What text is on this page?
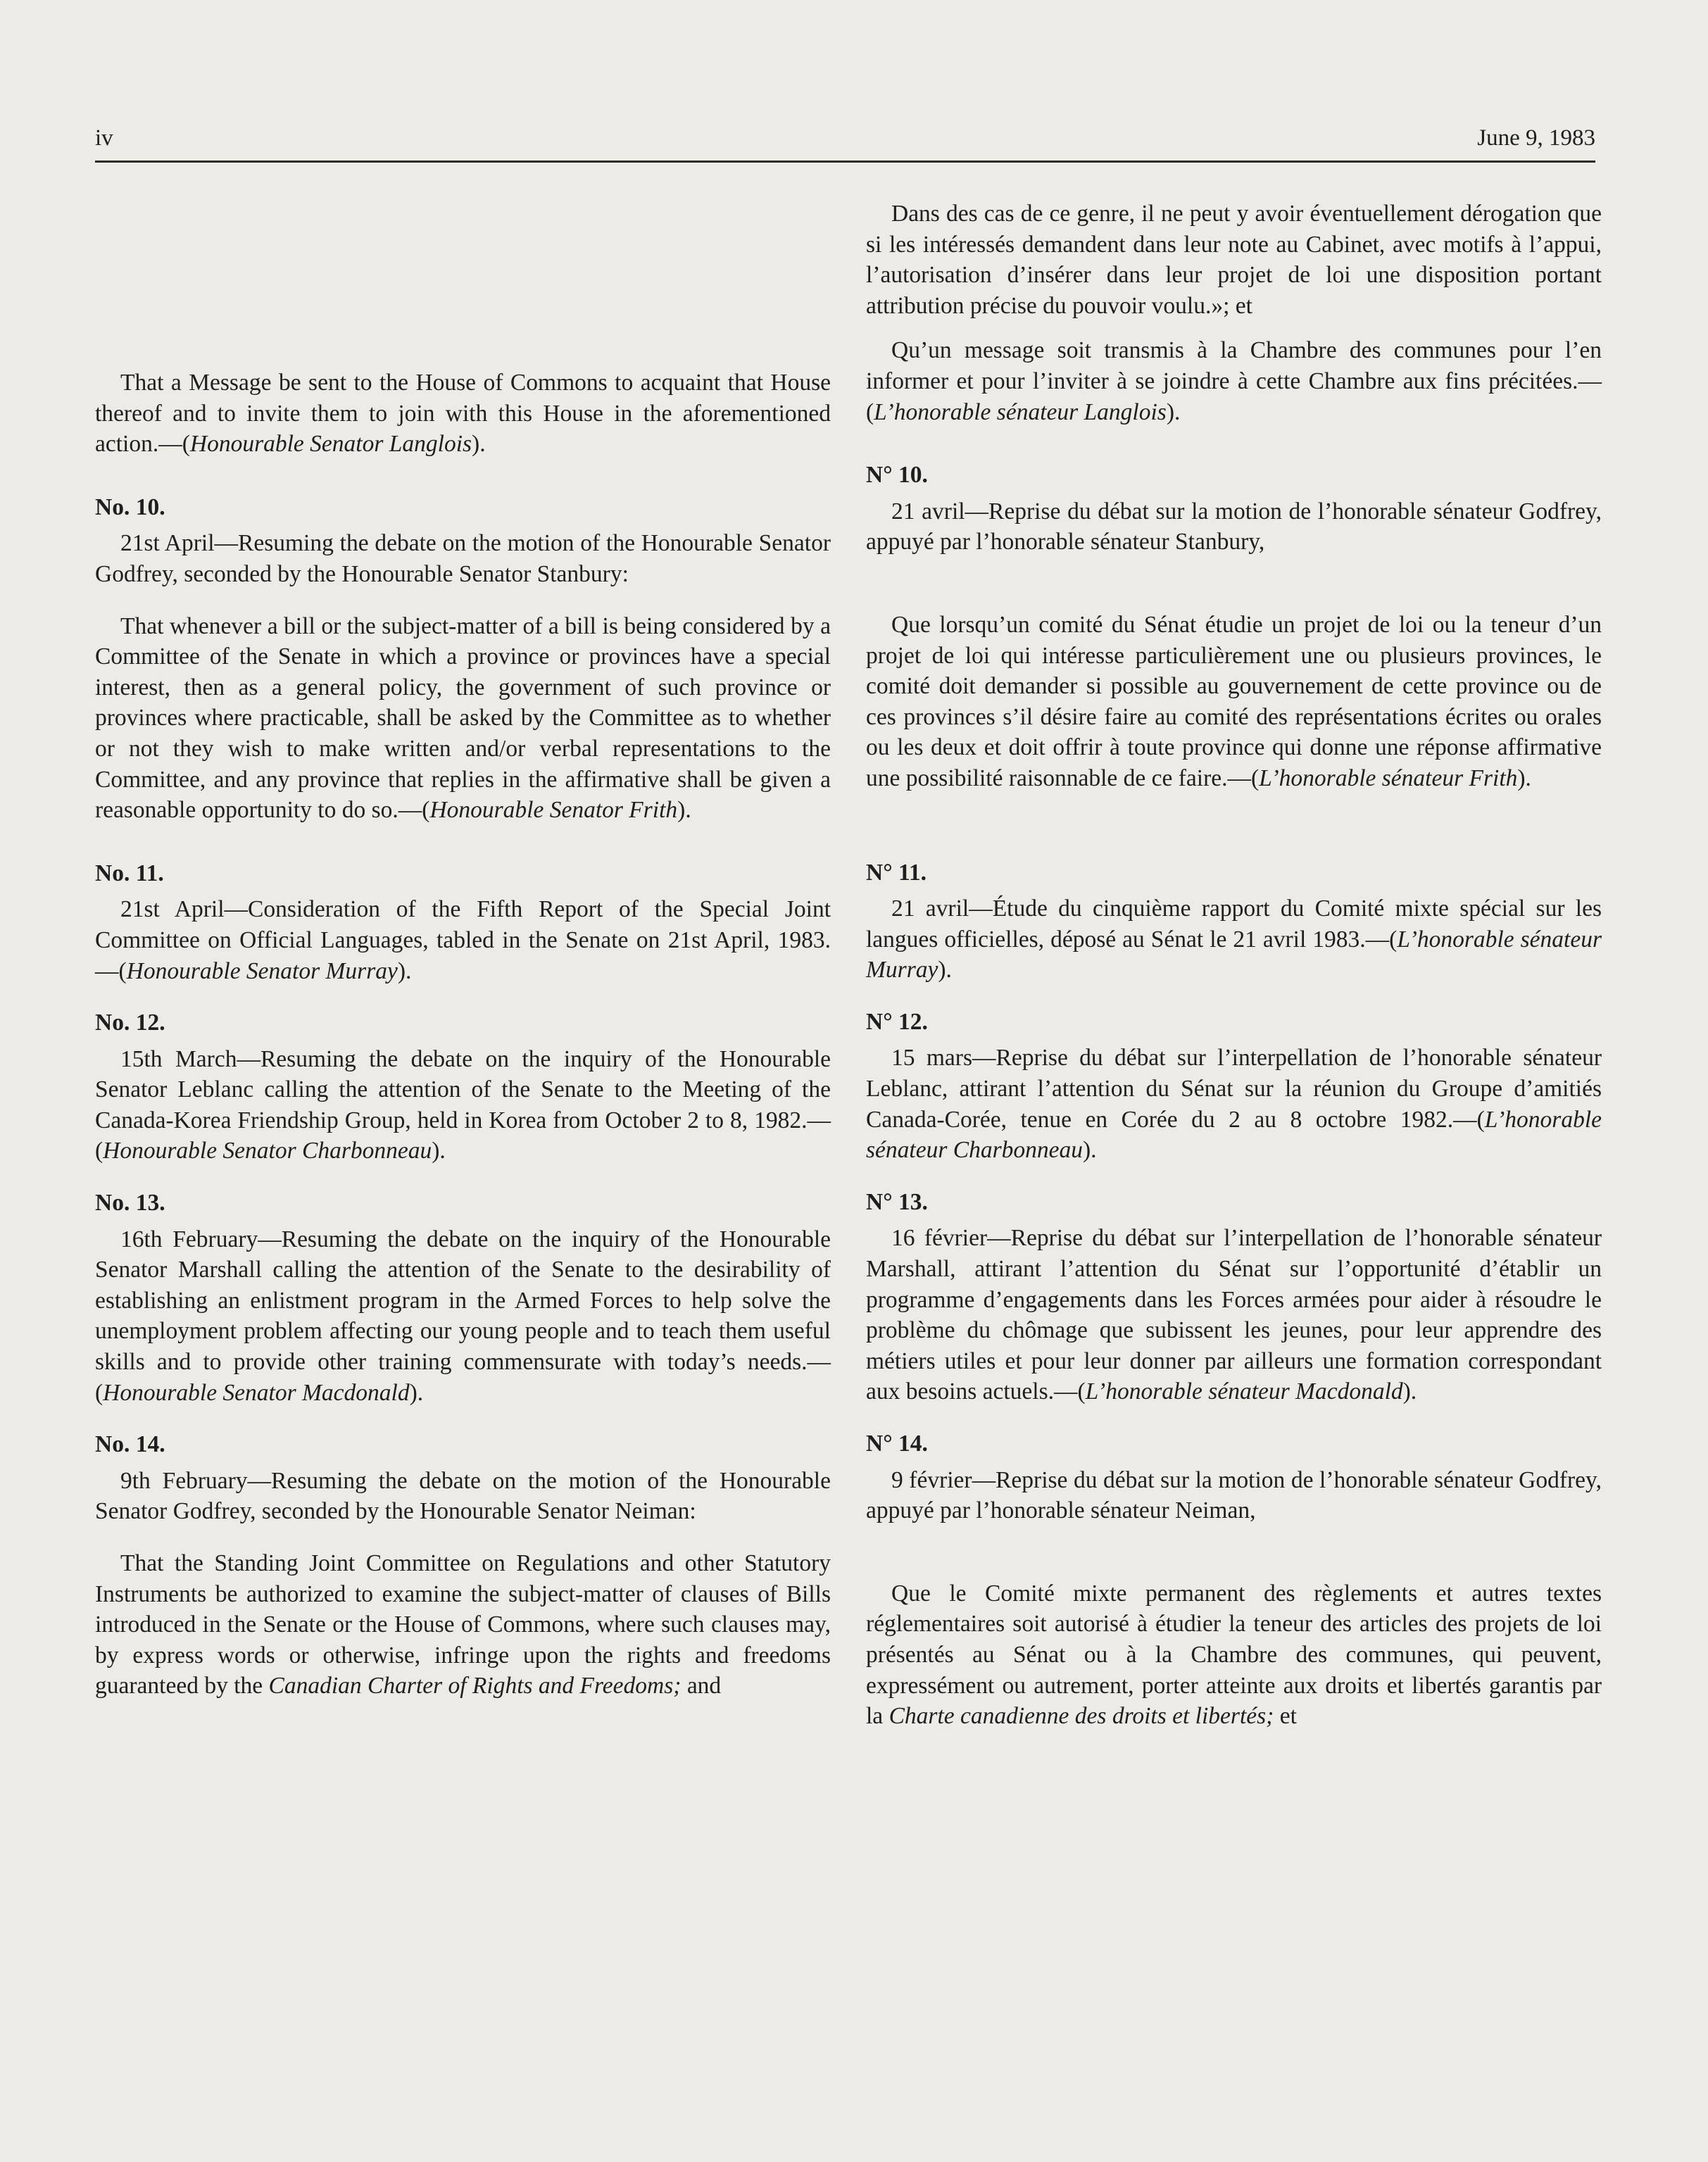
iv	June 9, 1983

That a Message be sent to the House of Commons to acquaint that House thereof and to invite them to join with this House in the aforementioned action.—(Honourable Senator Langlois).

No. 10.

21st April—Resuming the debate on the motion of the Honourable Senator Godfrey, seconded by the Honourable Senator Stanbury:

That whenever a bill or the subject-matter of a bill is being considered by a Committee of the Senate in which a province or provinces have a special interest, then as a general policy, the government of such province or provinces where practicable, shall be asked by the Committee as to whether or not they wish to make written and/or verbal representations to the Committee, and any province that replies in the affirmative shall be given a reasonable opportunity to do so.—(Honourable Senator Frith).

No. 11.

21st April—Consideration of the Fifth Report of the Special Joint Committee on Official Languages, tabled in the Senate on 21st April, 1983.—(Honourable Senator Murray).

No. 12.

15th March—Resuming the debate on the inquiry of the Honourable Senator Leblanc calling the attention of the Senate to the Meeting of the Canada-Korea Friendship Group, held in Korea from October 2 to 8, 1982.—(Honourable Senator Charbonneau).

No. 13.

16th February—Resuming the debate on the inquiry of the Honourable Senator Marshall calling the attention of the Senate to the desirability of establishing an enlistment program in the Armed Forces to help solve the unemployment problem affecting our young people and to teach them useful skills and to provide other training commensurate with today’s needs.—(Honourable Senator Macdonald).

No. 14.

9th February—Resuming the debate on the motion of the Honourable Senator Godfrey, seconded by the Honourable Senator Neiman:

That the Standing Joint Committee on Regulations and other Statutory Instruments be authorized to examine the subject-matter of clauses of Bills introduced in the Senate or the House of Commons, where such clauses may, by express words or otherwise, infringe upon the rights and freedoms guaranteed by the Canadian Charter of Rights and Freedoms; and

Dans des cas de ce genre, il ne peut y avoir éventuellement dérogation que si les intéressés demandent dans leur note au Cabinet, avec motifs à l’appui, l’autorisation d’insérer dans leur projet de loi une disposition portant attribution précise du pouvoir voulu.»; et

Qu’un message soit transmis à la Chambre des communes pour l’en informer et pour l’inviter à se joindre à cette Chambre aux fins précitées.—(L’honorable sénateur Langlois).

N° 10.

21 avril—Reprise du débat sur la motion de l’honorable sénateur Godfrey, appuyé par l’honorable sénateur Stanbury,

Que lorsqu’un comité du Sénat étudie un projet de loi ou la teneur d’un projet de loi qui intéresse particulièrement une ou plusieurs provinces, le comité doit demander si possible au gouvernement de cette province ou de ces provinces s’il désire faire au comité des représentations écrites ou orales ou les deux et doit offrir à toute province qui donne une réponse affirmative une possibilité raisonnable de ce faire.—(L’honorable sénateur Frith).

N° 11.

21 avril—Étude du cinquième rapport du Comité mixte spécial sur les langues officielles, déposé au Sénat le 21 avril 1983.—(L’honorable sénateur Murray).

N° 12.

15 mars—Reprise du débat sur l’interpellation de l’honorable sénateur Leblanc, attirant l’attention du Sénat sur la réunion du Groupe d’amitiés Canada-Corée, tenue en Corée du 2 au 8 octobre 1982.—(L’honorable sénateur Charbonneau).

N° 13.

16 février—Reprise du débat sur l’interpellation de l’honorable sénateur Marshall, attirant l’attention du Sénat sur l’opportunité d’établir un programme d’engagements dans les Forces armées pour aider à résoudre le problème du chômage que subissent les jeunes, pour leur apprendre des métiers utiles et pour leur donner par ailleurs une formation correspondant aux besoins actuels.—(L’honorable sénateur Macdonald).

N° 14.

9 février—Reprise du débat sur la motion de l’honorable sénateur Godfrey, appuyé par l’honorable sénateur Neiman,

Que le Comité mixte permanent des règlements et autres textes réglementaires soit autorisé à étudier la teneur des articles des projets de loi présentés au Sénat ou à la Chambre des communes, qui peuvent, expressément ou autrement, porter atteinte aux droits et libertés garantis par la Charte canadienne des droits et libertés; et
